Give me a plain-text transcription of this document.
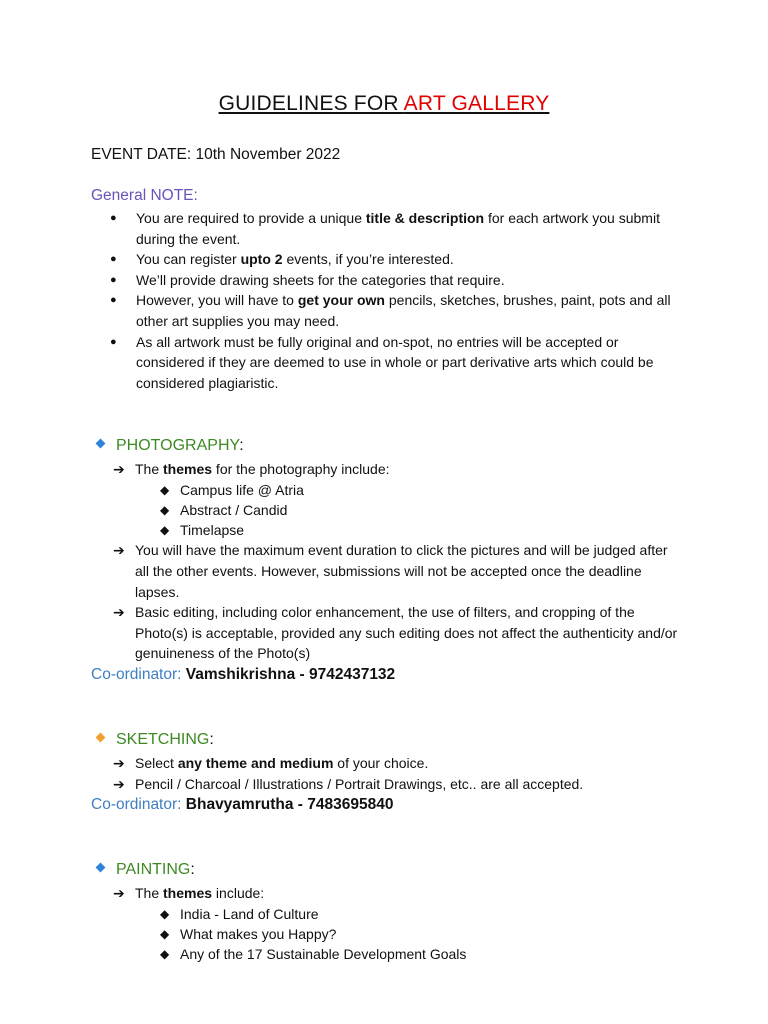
GUIDELINES FOR ART GALLERY
EVENT DATE: 10th November 2022
General NOTE:
● You are required to provide a unique title & description for each artwork you submit during the event.
● You can register upto 2 events, if you’re interested.
● We’ll provide drawing sheets for the categories that require.
● However, you will have to get your own pencils, sketches, brushes, paint, pots and all other art supplies you may need.
● As all artwork must be fully original and on-spot, no entries will be accepted or considered if they are deemed to use in whole or part derivative arts which could be considered plagiaristic.
PHOTOGRAPHY:
➔ The themes for the photography include:
◆ Campus life @ Atria
◆ Abstract / Candid
◆ Timelapse
➔ You will have the maximum event duration to click the pictures and will be judged after all the other events. However, submissions will not be accepted once the deadline lapses.
➔ Basic editing, including color enhancement, the use of filters, and cropping of the Photo(s) is acceptable, provided any such editing does not affect the authenticity and/or genuineness of the Photo(s)
Co-ordinator: Vamshikrishna - 9742437132
SKETCHING:
➔ Select any theme and medium of your choice.
➔ Pencil / Charcoal / Illustrations / Portrait Drawings, etc.. are all accepted.
Co-ordinator: Bhavyamrutha - 7483695840
PAINTING:
➔ The themes include:
◆ India - Land of Culture
◆ What makes you Happy?
◆ Any of the 17 Sustainable Development Goals
